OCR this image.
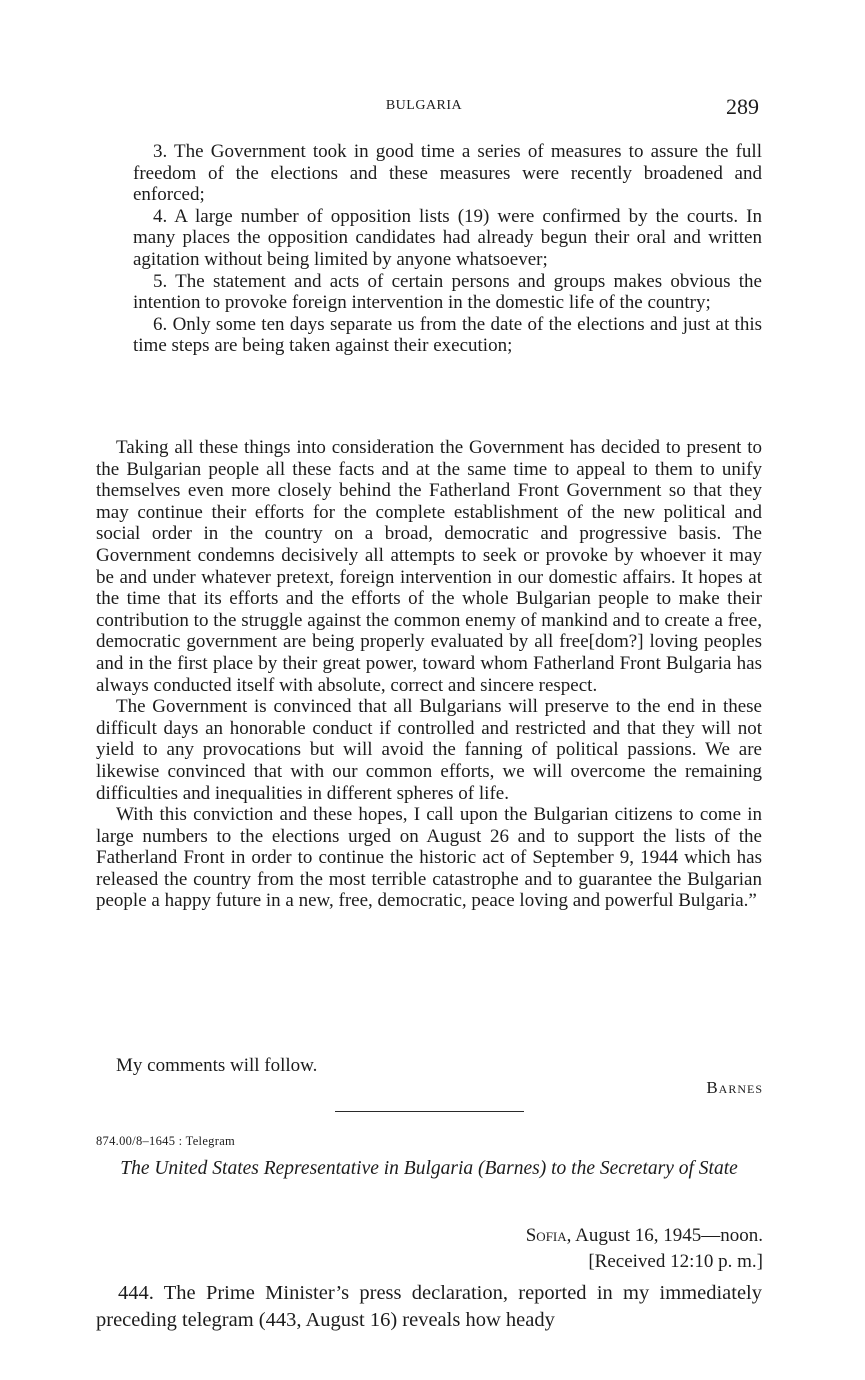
BULGARIA	289

3. The Government took in good time a series of measures to assure the full freedom of the elections and these measures were recently broadened and enforced;

4. A large number of opposition lists (19) were confirmed by the courts. In many places the opposition candidates had already begun their oral and written agitation without being limited by anyone whatsoever;

5. The statement and acts of certain persons and groups makes obvious the intention to provoke foreign intervention in the domestic life of the country;

6. Only some ten days separate us from the date of the elections and just at this time steps are being taken against their execution;

Taking all these things into consideration the Government has decided to present to the Bulgarian people all these facts and at the same time to appeal to them to unify themselves even more closely behind the Fatherland Front Government so that they may continue their efforts for the complete establishment of the new political and social order in the country on a broad, democratic and progressive basis. The Government condemns decisively all attempts to seek or provoke by whoever it may be and under whatever pretext, foreign intervention in our domestic affairs. It hopes at the time that its efforts and the efforts of the whole Bulgarian people to make their contribution to the struggle against the common enemy of mankind and to create a free, democratic government are being properly evaluated by all free[dom?] loving peoples and in the first place by their great power, toward whom Fatherland Front Bulgaria has always conducted itself with absolute, correct and sincere respect.

The Government is convinced that all Bulgarians will preserve to the end in these difficult days an honorable conduct if controlled and restricted and that they will not yield to any provocations but will avoid the fanning of political passions. We are likewise convinced that with our common efforts, we will overcome the remaining difficulties and inequalities in different spheres of life.

With this conviction and these hopes, I call upon the Bulgarian citizens to come in large numbers to the elections urged on August 26 and to support the lists of the Fatherland Front in order to continue the historic act of September 9, 1944 which has released the country from the most terrible catastrophe and to guarantee the Bulgarian people a happy future in a new, free, democratic, peace loving and powerful Bulgaria.”

My comments will follow.
Barnes
874.00/8–1645 : Telegram
The United States Representative in Bulgaria (Barnes) to the Secretary of State
Sofia, August 16, 1945—noon.
[Received 12:10 p. m.]

444. The Prime Minister’s press declaration, reported in my immediately preceding telegram (443, August 16) reveals how heady
